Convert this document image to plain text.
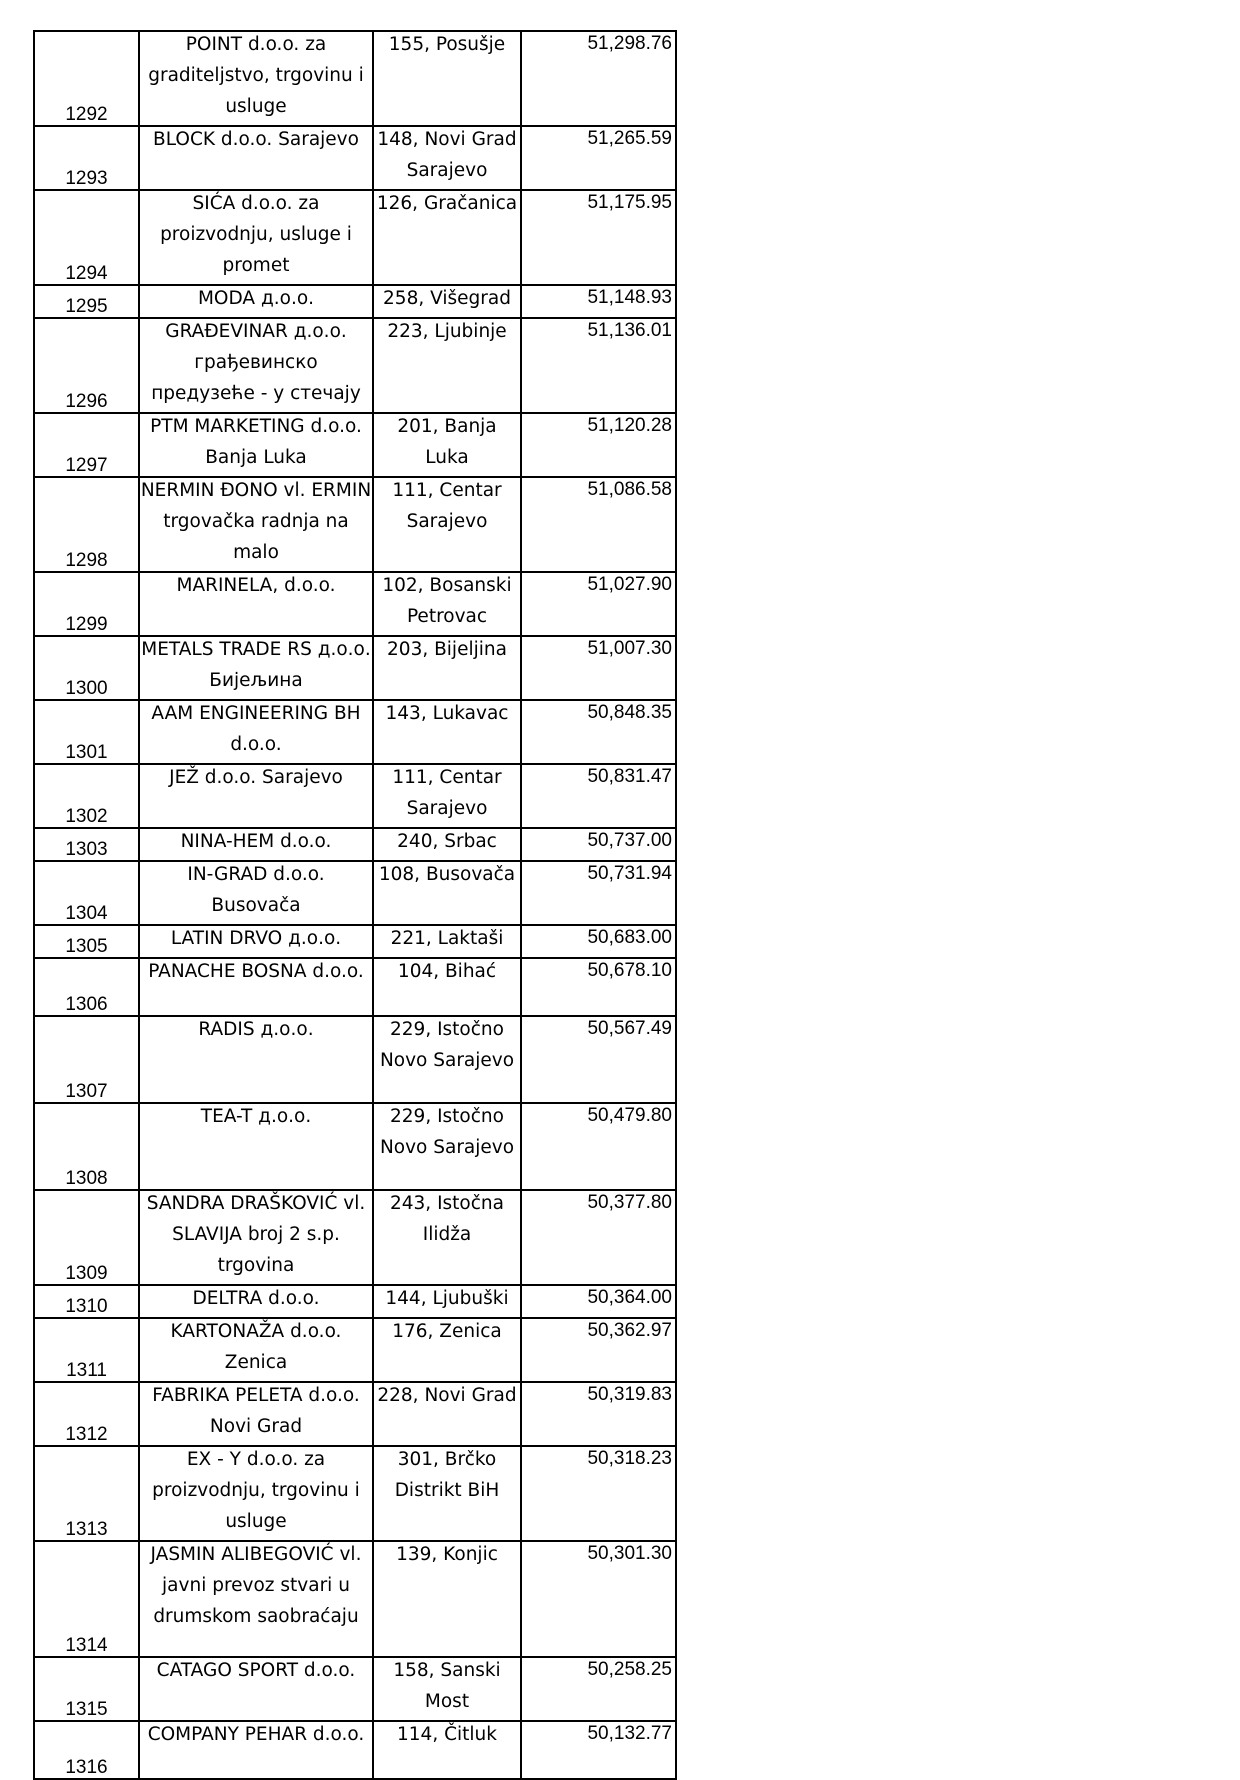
1292	POINT d.o.o. za graditeljstvo, trgovinu i usluge	155, Posušje	51,298.76
1293	BLOCK d.o.o. Sarajevo	148, Novi Grad Sarajevo	51,265.59
1294	SIĆA d.o.o. za proizvodnju, usluge i promet	126, Gračanica	51,175.95
1295	MODA д.о.о.	258, Višegrad	51,148.93
1296	GRAĐEVINAR д.о.о. грађевинско предузеће - у стечају	223, Ljubinje	51,136.01
1297	PTM MARKETING d.o.o. Banja Luka	201, Banja Luka	51,120.28
1298	NERMIN ĐONO vl. ERMIN trgovačka radnja na malo	111, Centar Sarajevo	51,086.58
1299	MARINELA, d.o.o.	102, Bosanski Petrovac	51,027.90
1300	METALS TRADE RS д.о.о. Бијељина	203, Bijeljina	51,007.30
1301	AAM ENGINEERING BH d.o.o.	143, Lukavac	50,848.35
1302	JEŽ d.o.o. Sarajevo	111, Centar Sarajevo	50,831.47
1303	NINA-HEM d.o.o.	240, Srbac	50,737.00
1304	IN-GRAD d.o.o. Busovača	108, Busovača	50,731.94
1305	LATIN DRVO д.о.о.	221, Laktaši	50,683.00
1306	PANACHE BOSNA d.o.o.	104, Bihać	50,678.10
1307	RADIS д.о.о.	229, Istočno Novo Sarajevo	50,567.49
1308	TEA-T д.о.о.	229, Istočno Novo Sarajevo	50,479.80
1309	SANDRA DRAŠKOVIĆ vl. SLAVIJA broj 2 s.p. trgovina	243, Istočna Ilidža	50,377.80
1310	DELTRA d.o.o.	144, Ljubuški	50,364.00
1311	KARTONAŽA d.o.o. Zenica	176, Zenica	50,362.97
1312	FABRIKA PELETA d.o.o. Novi Grad	228, Novi Grad	50,319.83
1313	EX - Y d.o.o. za proizvodnju, trgovinu i usluge	301, Brčko Distrikt BiH	50,318.23
1314	JASMIN ALIBEGOVIĆ vl. javni prevoz stvari u drumskom saobraćaju	139, Konjic	50,301.30
1315	CATAGO SPORT d.o.o.	158, Sanski Most	50,258.25
1316	COMPANY PEHAR d.o.o.	114, Čitluk	50,132.77
